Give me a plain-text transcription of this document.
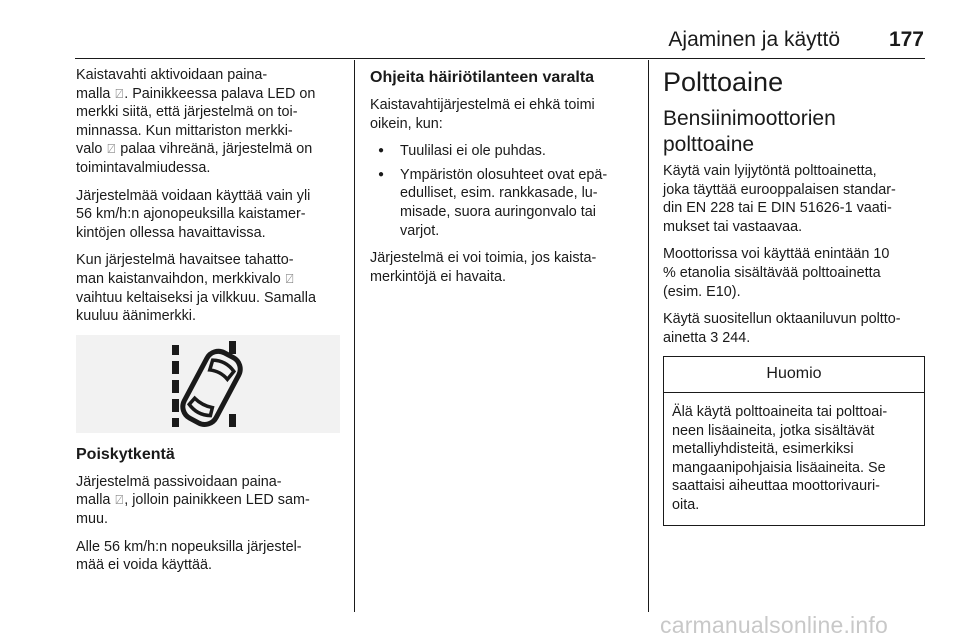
Ajaminen ja käyttö 177

Kaistavahti aktivoidaan paina-
malla ⍁. Painikkeessa palava LED on
merkki siitä, että järjestelmä on toi-
minnassa. Kun mittariston merkki-
valo ⍁ palaa vihreänä, järjestelmä on
toimintavalmiudessa.

Järjestelmää voidaan käyttää vain yli
56 km/h:n ajonopeuksilla kaistamer-
kintöjen ollessa havaittavissa.

Kun järjestelmä havaitsee tahatto-
man kaistanvaihdon, merkkivalo ⍁
vaihtuu keltaiseksi ja vilkkuu. Samalla
kuuluu äänimerkki.

Poiskytkentä

Järjestelmä passivoidaan paina-
malla ⍁, jolloin painikkeen LED sam-
muu.

Alle 56 km/h:n nopeuksilla järjestel-
mää ei voida käyttää.

Ohjeita häiriötilanteen varalta

Kaistavahtijärjestelmä ei ehkä toimi
oikein, kun:

● Tuulilasi ei ole puhdas.
● Ympäristön olosuhteet ovat epä-
edulliset, esim. rankkasade, lu-
misade, suora auringonvalo tai
varjot.

Järjestelmä ei voi toimia, jos kaista-
merkintöjä ei havaita.

Polttoaine
Bensiinimoottorien
polttoaine

Käytä vain lyijytöntä polttoainetta,
joka täyttää eurooppalaisen standar-
din EN 228 tai E DIN 51626-1 vaati-
mukset tai vastaavaa.

Moottorissa voi käyttää enintään 10
% etanolia sisältävää polttoainetta
(esim. E10).

Käytä suositellun oktaaniluvun poltto-
ainetta 3 244.

Huomio
Älä käytä polttoaineita tai polttoai-
neen lisäaineita, jotka sisältävät
metalliyhdisteitä, esimerkiksi
mangaanipohjaisia lisäaineita. Se
saattaisi aiheuttaa moottorivauri-
oita.
carmanualsonline.info
